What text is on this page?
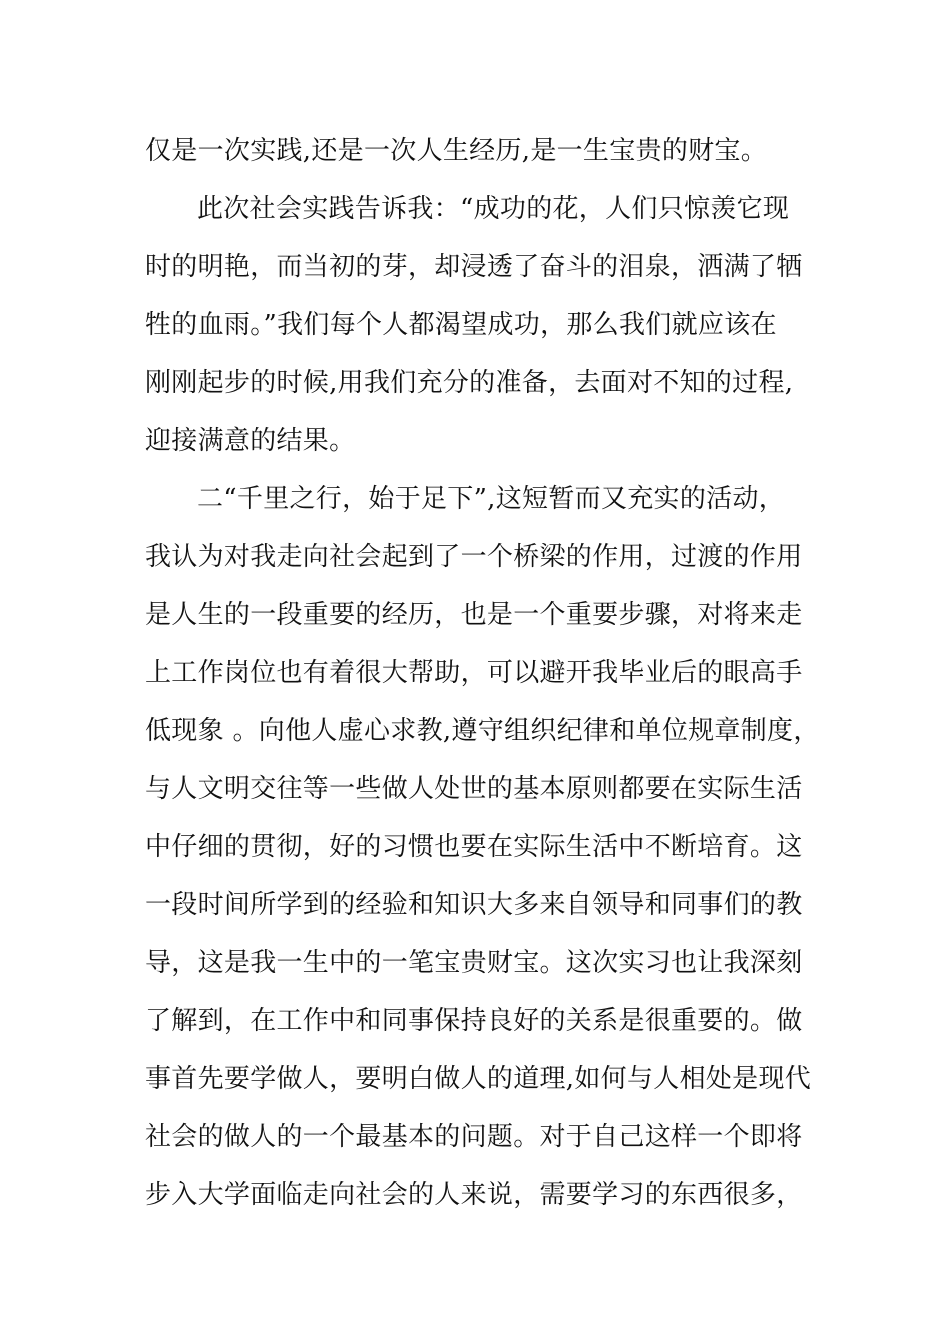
仅是一次实践,还是一次人生经历,是一生宝贵的财宝。
此次社会实践告诉我：“成功的花，人们只惊羡它现
时的明艳，而当初的芽，却浸透了奋斗的泪泉，洒满了牺
牲的血雨。”我们每个人都渴望成功，那么我们就应该在
刚刚起步的时候,用我们充分的准备，去面对不知的过程,
迎接满意的结果。
二“千里之行，始于足下”,这短暂而又充实的活动，
我认为对我走向社会起到了一个桥梁的作用，过渡的作用
是人生的一段重要的经历，也是一个重要步骤，对将来走
上工作岗位也有着很大帮助，可以避开我毕业后的眼高手
低现象 。向他人虚心求教,遵守组织纪律和单位规章制度，
与人文明交往等一些做人处世的基本原则都要在实际生活
中仔细的贯彻，好的习惯也要在实际生活中不断培育。这
一段时间所学到的经验和知识大多来自领导和同事们的教
导，这是我一生中的一笔宝贵财宝。这次实习也让我深刻
了解到，在工作中和同事保持良好的关系是很重要的。做
事首先要学做人，要明白做人的道理,如何与人相处是现代
社会的做人的一个最基本的问题。对于自己这样一个即将
步入大学面临走向社会的人来说，需要学习的东西很多，
